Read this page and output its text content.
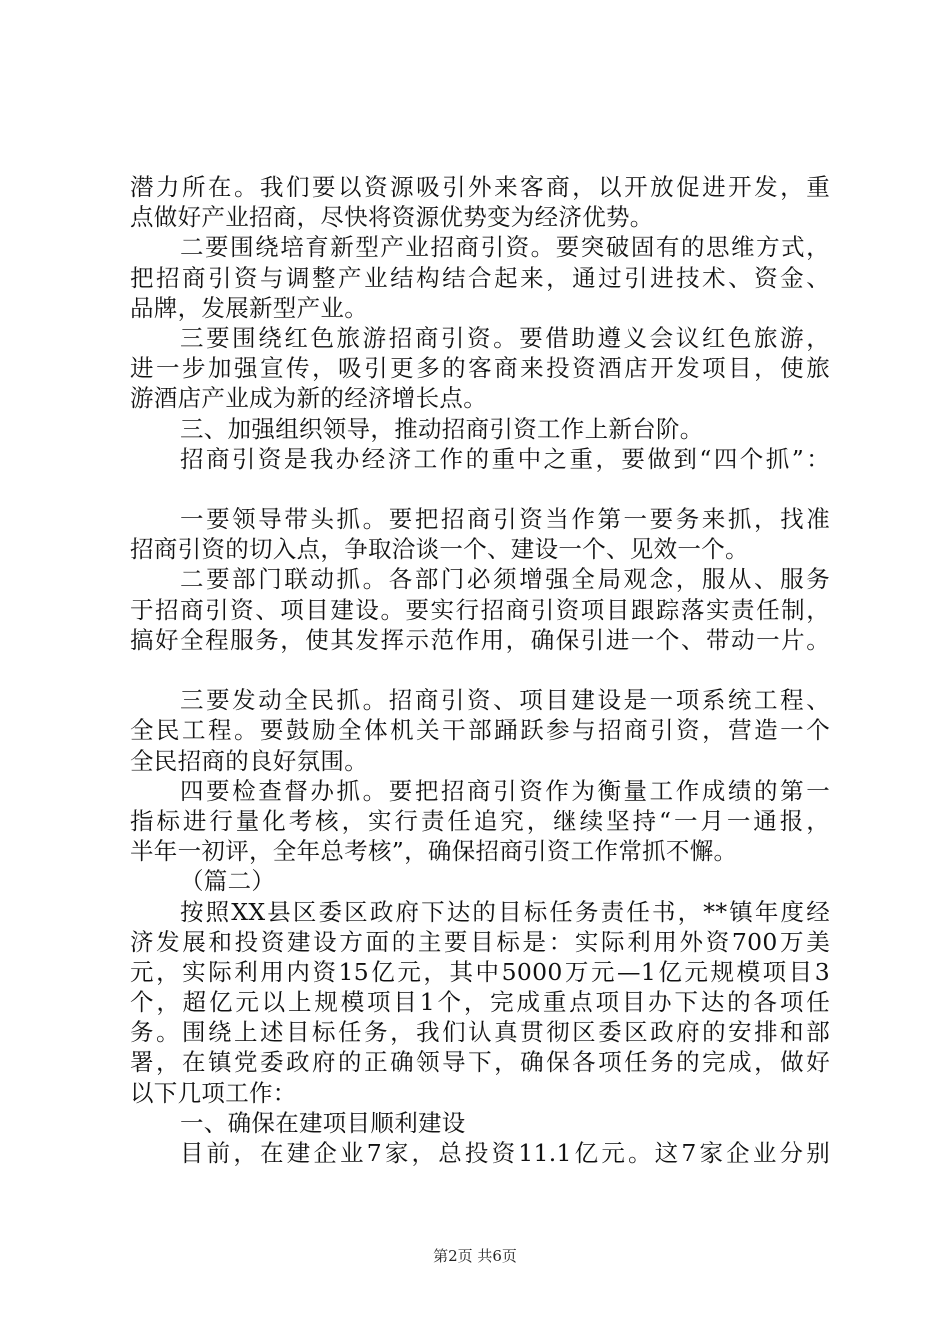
潜力所在。我们要以资源吸引外来客商，以开放促进开发，重
点做好产业招商，尽快将资源优势变为经济优势。
二要围绕培育新型产业招商引资。要突破固有的思维方式，
把招商引资与调整产业结构结合起来，通过引进技术、资金、
品牌，发展新型产业。
三要围绕红色旅游招商引资。要借助遵义会议红色旅游，
进一步加强宣传，吸引更多的客商来投资酒店开发项目，使旅
游酒店产业成为新的经济增长点。
三、加强组织领导，推动招商引资工作上新台阶。
招商引资是我办经济工作的重中之重，要做到“四个抓”：
一要领导带头抓。要把招商引资当作第一要务来抓，找准
招商引资的切入点，争取洽谈一个、建设一个、见效一个。
二要部门联动抓。各部门必须增强全局观念，服从、服务
于招商引资、项目建设。要实行招商引资项目跟踪落实责任制，
搞好全程服务，使其发挥示范作用，确保引进一个、带动一片。
三要发动全民抓。招商引资、项目建设是一项系统工程、
全民工程。要鼓励全体机关干部踊跃参与招商引资，营造一个
全民招商的良好氛围。
四要检查督办抓。要把招商引资作为衡量工作成绩的第一
指标进行量化考核，实行责任追究，继续坚持“一月一通报，
半年一初评，全年总考核”，确保招商引资工作常抓不懈。
（篇二）
按照XX县区委区政府下达的目标任务责任书，**镇年度经
济发展和投资建设方面的主要目标是：实际利用外资700万美
元，实际利用内资15亿元，其中5000万元—1亿元规模项目3
个，超亿元以上规模项目1个，完成重点项目办下达的各项任
务。围绕上述目标任务，我们认真贯彻区委区政府的安排和部
署，在镇党委政府的正确领导下，确保各项任务的完成，做好
以下几项工作：
一、确保在建项目顺利建设
目前，在建企业7家，总投资11.1亿元。这7家企业分别
第2页 共6页
